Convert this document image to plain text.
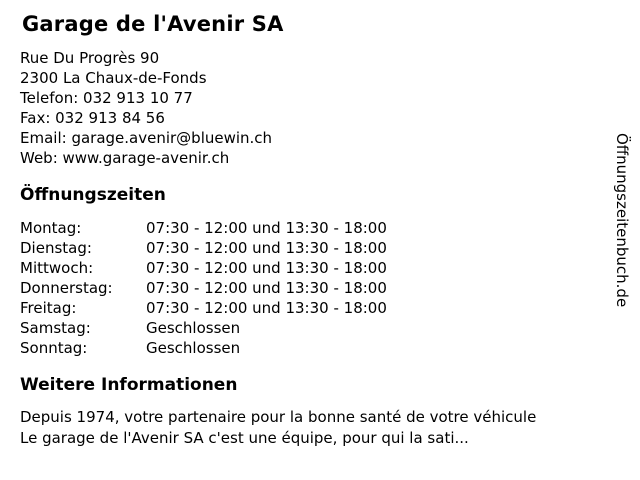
Garage de l'Avenir SA
Rue Du Progrès 90
2300 La Chaux-de-Fonds
Telefon: 032 913 10 77
Fax: 032 913 84 56
Email: garage.avenir@bluewin.ch
Web: www.garage-avenir.ch
Öffnungszeiten
Montag:	07:30 - 12:00 und 13:30 - 18:00
Dienstag:	07:30 - 12:00 und 13:30 - 18:00
Mittwoch:	07:30 - 12:00 und 13:30 - 18:00
Donnerstag: 07:30 - 12:00 und 13:30 - 18:00
Freitag:	07:30 - 12:00 und 13:30 - 18:00
Samstag:	Geschlossen
Sonntag:	Geschlossen
Weitere Informationen

Depuis 1974, votre partenaire pour la bonne santé de votre véhicule

Le garage de l'Avenir SA c'est une équipe, pour qui la sati...

Öffnungszeitenbuch.de
